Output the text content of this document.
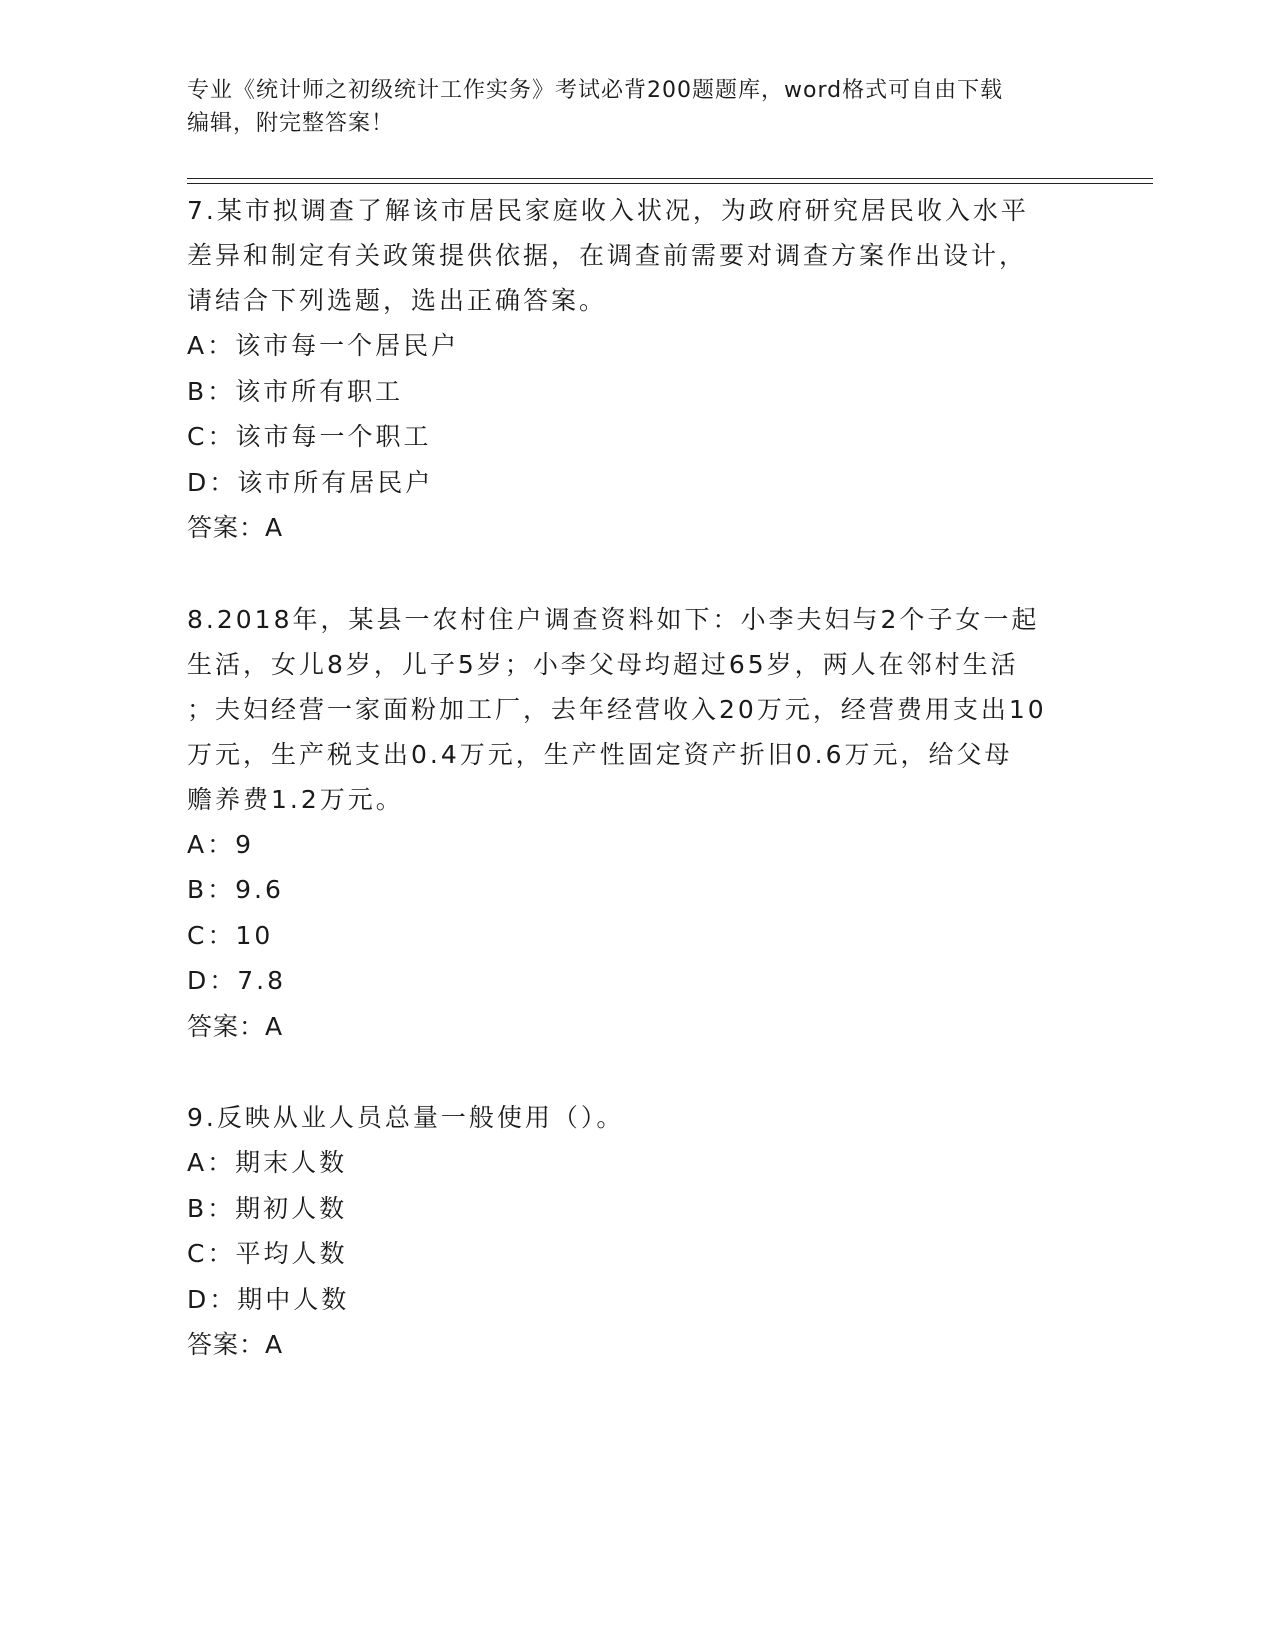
专业《统计师之初级统计工作实务》考试必背200题题库，word格式可自由下载
编辑，附完整答案！
7.某市拟调查了解该市居民家庭收入状况，为政府研究居民收入水平
差异和制定有关政策提供依据，在调查前需要对调查方案作出设计，
请结合下列选题，选出正确答案。
A：该市每一个居民户
B：该市所有职工
C：该市每一个职工
D：该市所有居民户
答案：A
8.2018年，某县一农村住户调查资料如下：小李夫妇与2个子女一起
生活，女儿8岁，儿子5岁；小李父母均超过65岁，两人在邻村生活
；夫妇经营一家面粉加工厂，去年经营收入20万元，经营费用支出10
万元，生产税支出0.4万元，生产性固定资产折旧0.6万元，给父母
赡养费1.2万元。
A：9
B：9.6
C：10
D：7.8
答案：A
9.反映从业人员总量一般使用（）。
A：期末人数
B：期初人数
C：平均人数
D：期中人数
答案：A
